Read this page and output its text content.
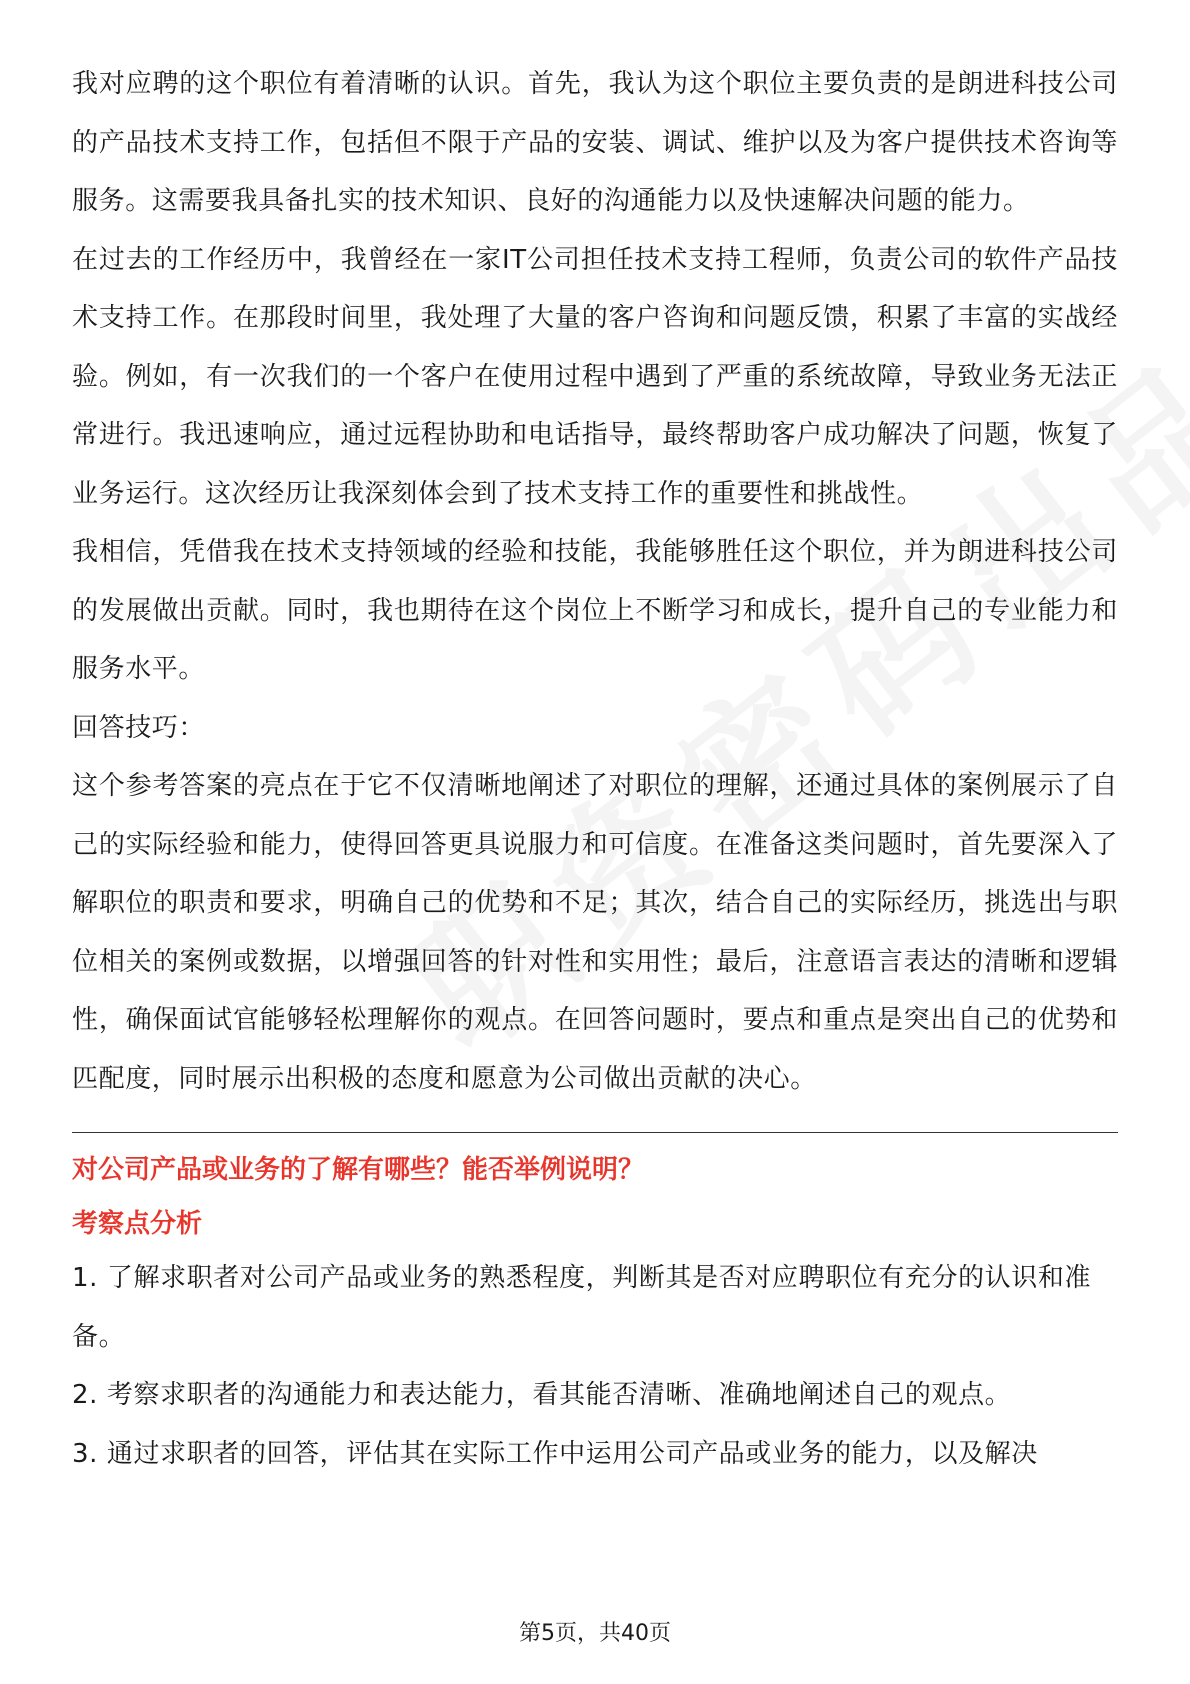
我对应聘的这个职位有着清晰的认识。首先，我认为这个职位主要负责的是朗进科技公司的产品技术支持工作，包括但不限于产品的安装、调试、维护以及为客户提供技术咨询等服务。这需要我具备扎实的技术知识、良好的沟通能力以及快速解决问题的能力。

在过去的工作经历中，我曾经在一家IT公司担任技术支持工程师，负责公司的软件产品技术支持工作。在那段时间里，我处理了大量的客户咨询和问题反馈，积累了丰富的实战经验。例如，有一次我们的一个客户在使用过程中遇到了严重的系统故障，导致业务无法正常进行。我迅速响应，通过远程协助和电话指导，最终帮助客户成功解决了问题，恢复了业务运行。这次经历让我深刻体会到了技术支持工作的重要性和挑战性。

我相信，凭借我在技术支持领域的经验和技能，我能够胜任这个职位，并为朗进科技公司的发展做出贡献。同时，我也期待在这个岗位上不断学习和成长，提升自己的专业能力和服务水平。

回答技巧：

这个参考答案的亮点在于它不仅清晰地阐述了对职位的理解，还通过具体的案例展示了自己的实际经验和能力，使得回答更具说服力和可信度。在准备这类问题时，首先要深入了解职位的职责和要求，明确自己的优势和不足；其次，结合自己的实际经历，挑选出与职位相关的案例或数据，以增强回答的针对性和实用性；最后，注意语言表达的清晰和逻辑性，确保面试官能够轻松理解你的观点。在回答问题时，要点和重点是突出自己的优势和匹配度，同时展示出积极的态度和愿意为公司做出贡献的决心。

对公司产品或业务的了解有哪些？能否举例说明？

考察点分析

1. 了解求职者对公司产品或业务的熟悉程度，判断其是否对应聘职位有充分的认识和准备。

2. 考察求职者的沟通能力和表达能力，看其能否清晰、准确地阐述自己的观点。

3. 通过求职者的回答，评估其在实际工作中运用公司产品或业务的能力，以及解决

第5页，共40页
